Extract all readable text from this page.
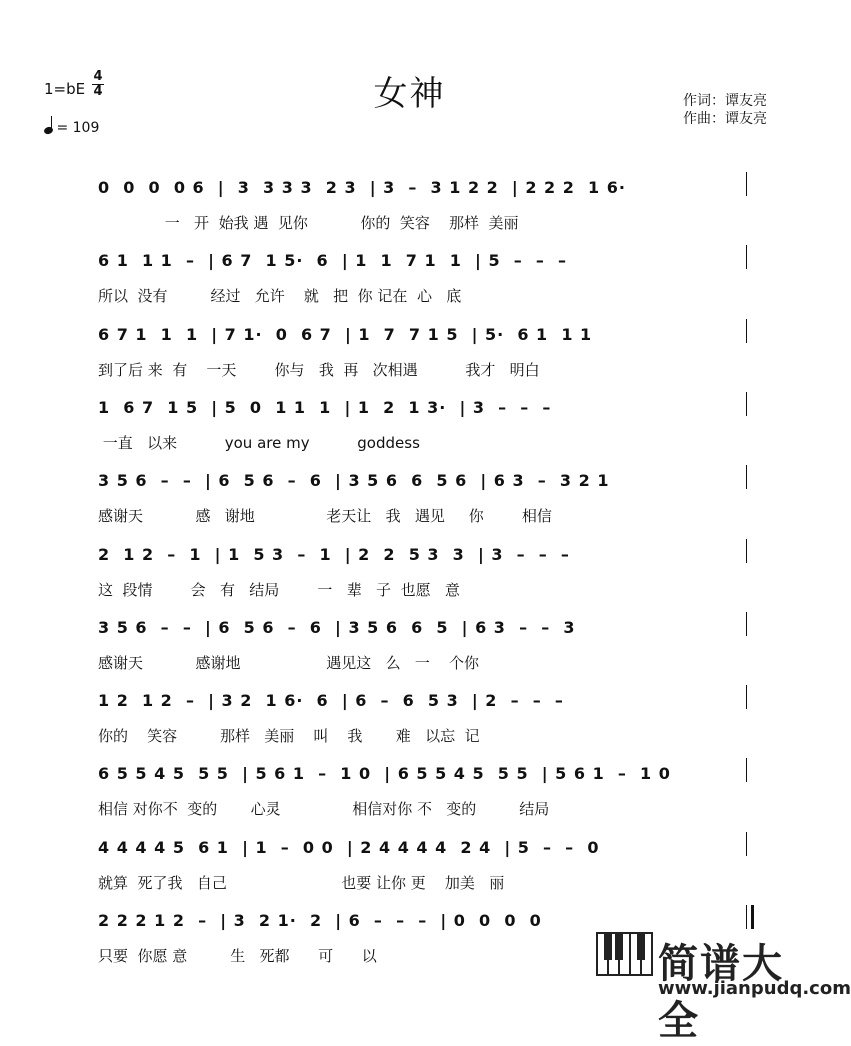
女神
1=bE
4
4
= 109
作词：谭友亮
作曲：谭友亮
0  0  0  0 6  |  3  3 3 3  2 3  | 3  –  3 1 2 2  | 2 2 2  1 6·
一   开  始我 遇  见你           你的  笑容    那样  美丽
6 1  1 1  –  | 6 7  1 5·  6  | 1  1  7 1  1  | 5  –  –  –
所以  没有         经过   允许    就   把  你 记在  心   底
6 7 1  1  1  | 7 1·  0  6 7  | 1  7  7 1 5  | 5·  6 1  1 1
到了后 来  有    一天        你与   我  再   次相遇          我才   明白
1  6 7  1 5  | 5  0  1 1  1  | 1  2  1 3·  | 3  –  –  –
一直   以来          you are my          goddess
3 5 6  –  –  | 6  5 6  –  6  | 3 5 6  6  5 6  | 6 3  –  3 2 1
感谢天           感   谢地               老天让   我   遇见     你        相信
2  1 2  –  1  | 1  5 3  –  1  | 2  2  5 3  3  | 3  –  –  –
这  段情        会   有   结局        一   辈   子  也愿   意
3 5 6  –  –  | 6  5 6  –  6  | 3 5 6  6  5  | 6 3  –  –  3
感谢天           感谢地                  遇见这   么   一    个你
1 2  1 2  –  | 3 2  1 6·  6  | 6  –  6  5 3  | 2  –  –  –
你的    笑容         那样   美丽    叫    我       难   以忘  记
6 5 5 4 5  5 5  | 5 6 1  –  1 0  | 6 5 5 4 5  5 5  | 5 6 1  –  1 0
相信 对你不  变的       心灵               相信对你 不   变的         结局
4 4 4 4 5  6 1  | 1  –  0 0  | 2 4 4 4 4  2 4  | 5  –  –  0
就算  死了我   自己                        也要 让你 更    加美   丽
2 2 2 1 2  –  | 3  2 1·  2  | 6  –  –  –  | 0  0  0  0
只要  你愿 意         生   死都      可      以	简谱大全
www.jianpudq.com
